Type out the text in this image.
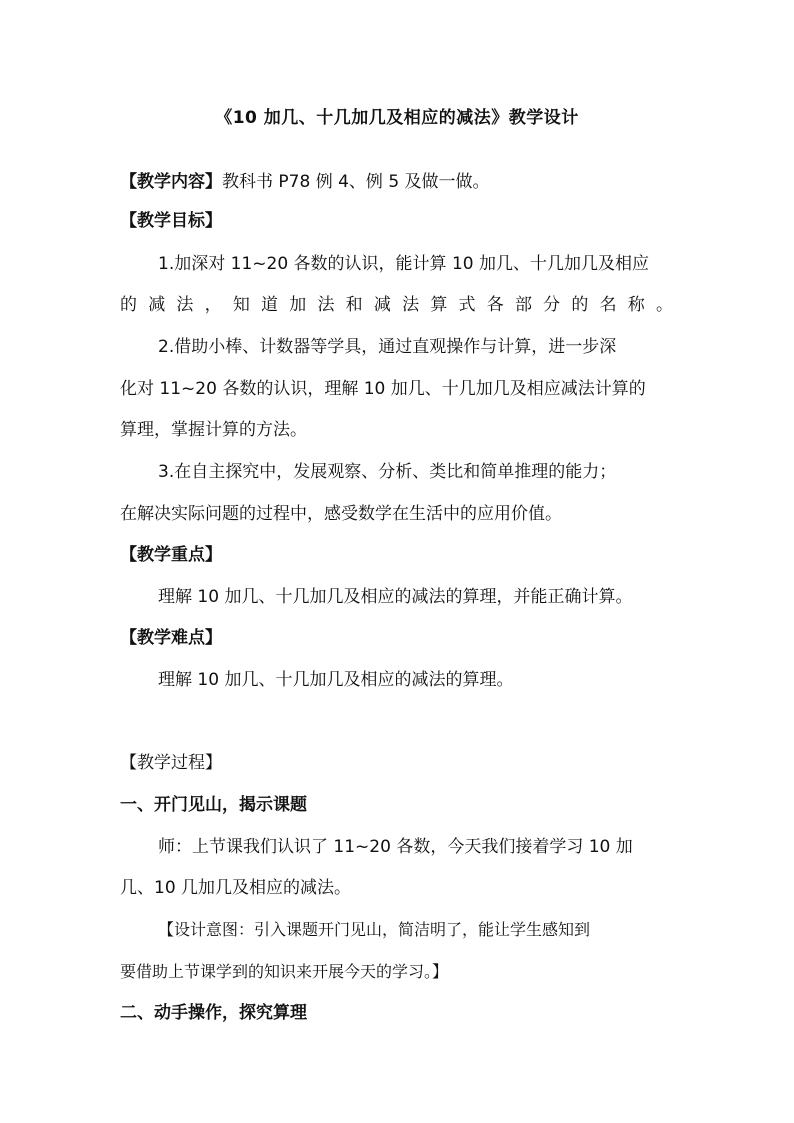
《10 加几、十几加几及相应的减法》教学设计
【教学内容】教科书 P78 例 4、例 5 及做一做。
【教学目标】
1.加深对 11~20 各数的认识，能计算 10 加几、十几加几及相应
的减法，知道加法和减法算式各部分的名称。
2.借助小棒、计数器等学具，通过直观操作与计算，进一步深
化对 11~20 各数的认识，理解 10 加几、十几加几及相应减法计算的
算理，掌握计算的方法。
3.在自主探究中，发展观察、分析、类比和简单推理的能力；
在解决实际问题的过程中，感受数学在生活中的应用价值。
【教学重点】
理解 10 加几、十几加几及相应的减法的算理，并能正确计算。
【教学难点】
理解 10 加几、十几加几及相应的减法的算理。
【教学过程】
一、开门见山，揭示课题
师：上节课我们认识了 11~20 各数，今天我们接着学习 10 加
几、10 几加几及相应的减法。
【设计意图：引入课题开门见山，简洁明了，能让学生感知到
要借助上节课学到的知识来开展今天的学习。】
二、动手操作，探究算理
